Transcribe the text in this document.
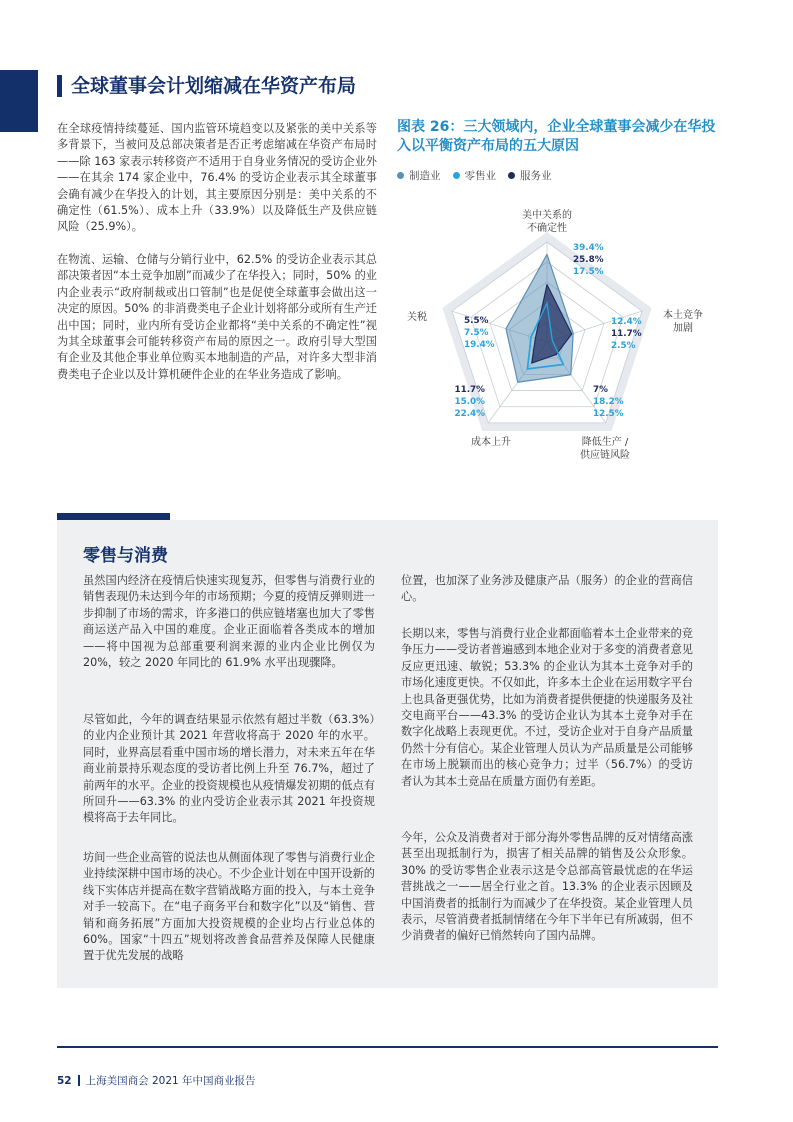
全球董事会计划缩减在华资产布局

在全球疫情持续蔓延、国内监管环境趋变以及紧张的美中关系等多背景下，当被问及总部决策者是否正考虑缩减在华资产布局时——除 163 家表示转移资产不适用于自身业务情况的受访企业外——在其余 174 家企业中，76.4% 的受访企业表示其全球董事会确有减少在华投入的计划，其主要原因分别是：美中关系的不确定性（61.5%）、成本上升（33.9%）以及降低生产及供应链风险（25.9%）。

在物流、运输、仓储与分销行业中，62.5% 的受访企业表示其总部决策者因“本土竞争加剧”而减少了在华投入；同时，50% 的业内企业表示“政府制裁或出口管制”也是促使全球董事会做出这一决定的原因。50% 的非消费类电子企业计划将部分或所有生产迁出中国；同时，业内所有受访企业都将“美中关系的不确定性”视为其全球董事会可能转移资产布局的原因之一。政府引导大型国有企业及其他企事业单位购买本地制造的产品，对许多大型非消费类电子企业以及计算机硬件企业的在华业务造成了影响。

图表 26：三大领域内，企业全球董事会减少在华投入以平衡资产布局的五大原因
制造业 零售业 服务业
美中关系的
不确定性
本土竞争
加剧
降低生产 /
供应链风险
成本上升
关税
39.4%
25.8%
17.5%
12.4%
11.7%
2.5%
7%
18.2%
12.5%
11.7%
15.0%
22.4%
5.5%
7.5%
19.4%
零售与消费

虽然国内经济在疫情后快速实现复苏，但零售与消费行业的销售表现仍未达到今年的市场预期；今夏的疫情反弹则进一步抑制了市场的需求，许多港口的供应链堵塞也加大了零售商运送产品入中国的难度。企业正面临着各类成本的增加——将中国视为总部重要利润来源的业内企业比例仅为 20%，较之 2020 年同比的 61.9% 水平出现骤降。

尽管如此，今年的调查结果显示依然有超过半数（63.3%）的业内企业预计其 2021 年营收将高于 2020 年的水平。同时，业界高层看重中国市场的增长潜力，对未来五年在华商业前景持乐观态度的受访者比例上升至 76.7%，超过了前两年的水平。企业的投资规模也从疫情爆发初期的低点有所回升——63.3% 的业内受访企业表示其 2021 年投资规模将高于去年同比。

坊间一些企业高管的说法也从侧面体现了零售与消费行业企业持续深耕中国市场的决心。不少企业计划在中国开设新的线下实体店并提高在数字营销战略方面的投入，与本土竞争对手一较高下。在“电子商务平台和数字化”以及“销售、营销和商务拓展”方面加大投资规模的企业均占行业总体的 60%。国家“十四五”规划将改善食品营养及保障人民健康置于优先发展的战略

位置，也加深了业务涉及健康产品（服务）的企业的营商信心。

长期以来，零售与消费行业企业都面临着本土企业带来的竞争压力——受访者普遍感到本地企业对于多变的消费者意见反应更迅速、敏锐；53.3% 的企业认为其本土竞争对手的市场化速度更快。不仅如此，许多本土企业在运用数字平台上也具备更强优势，比如为消费者提供便捷的快递服务及社交电商平台——43.3% 的受访企业认为其本土竞争对手在数字化战略上表现更优。不过，受访企业对于自身产品质量仍然十分有信心。某企业管理人员认为产品质量是公司能够在市场上脱颖而出的核心竞争力；过半（56.7%）的受访者认为其本土竞品在质量方面仍有差距。

今年，公众及消费者对于部分海外零售品牌的反对情绪高涨甚至出现抵制行为，损害了相关品牌的销售及公众形象。30% 的受访零售企业表示这是令总部高管最忧虑的在华运营挑战之一——居全行业之首。13.3% 的企业表示因顾及中国消费者的抵制行为而减少了在华投资。某企业管理人员表示，尽管消费者抵制情绪在今年下半年已有所减弱，但不少消费者的偏好已悄然转向了国内品牌。

52 上海美国商会 2021 年中国商业报告
